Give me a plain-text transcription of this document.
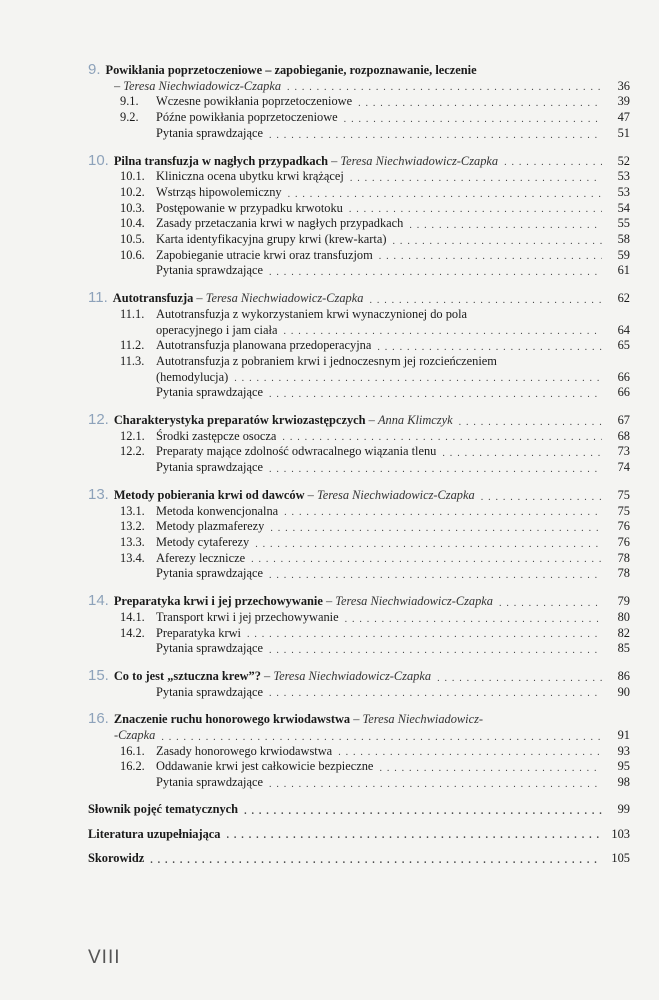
9. Powikłania poprzetoczeniowe – zapobieganie, rozpoznawanie, leczenie
– Teresa Niechwiadowicz-Czapka . . .	36
9.1. Wczesne powikłania poprzetoczeniowe . . .	39
9.2. Późne powikłania poprzetoczeniowe . . .	47
Pytania sprawdzające . . .	51
10. Pilna transfuzja w nagłych przypadkach – Teresa Niechwiadowicz-Czapka . . .	52
10.1. Kliniczna ocena ubytku krwi krążącej . . .	53
10.2. Wstrząs hipowolemiczny . . .	53
10.3. Postępowanie w przypadku krwotoku . . .	54
10.4. Zasady przetaczania krwi w nagłych przypadkach . . .	55
10.5. Karta identyfikacyjna grupy krwi (krew-karta) . . .	58
10.6. Zapobieganie utracie krwi oraz transfuzjom . . .	59
Pytania sprawdzające . . .	61
11. Autotransfuzja – Teresa Niechwiadowicz-Czapka . . .	62
11.1. Autotransfuzja z wykorzystaniem krwi wynaczynionej do pola
operacyjnego i jam ciała . . .	64
11.2. Autotransfuzja planowana przedoperacyjna . . .	65
11.3. Autotransfuzja z pobraniem krwi i jednoczesnym jej rozcieńczeniem
(hemodylucja) . . .	66
Pytania sprawdzające . . .	66
12. Charakterystyka preparatów krwiozastępczych – Anna Klimczyk . . .	67
12.1. Środki zastępcze osocza . . .	68
12.2. Preparaty mające zdolność odwracalnego wiązania tlenu . . .	73
Pytania sprawdzające . . .	74
13. Metody pobierania krwi od dawców – Teresa Niechwiadowicz-Czapka . . .	75
13.1. Metoda konwencjonalna . . .	75
13.2. Metody plazmaferezy . . .	76
13.3. Metody cytaferezy . . .	76
13.4. Aferezy lecznicze . . .	78
Pytania sprawdzające . . .	78
14. Preparatyka krwi i jej przechowywanie – Teresa Niechwiadowicz-Czapka . . .	79
14.1. Transport krwi i jej przechowywanie . . .	80
14.2. Preparatyka krwi . . .	82
Pytania sprawdzające . . .	85
15. Co to jest „sztuczna krew”? – Teresa Niechwiadowicz-Czapka . . .	86
Pytania sprawdzające . . .	90
16. Znaczenie ruchu honorowego krwiodawstwa – Teresa Niechwiadowicz-
-Czapka . . .	91
16.1. Zasady honorowego krwiodawstwa . . .	93
16.2. Oddawanie krwi jest całkowicie bezpieczne . . .	95
Pytania sprawdzające . . .	98
Słownik pojęć tematycznych . . .	99
Literatura uzupełniająca . . .	103
Skorowidz . . .	105
VIII
